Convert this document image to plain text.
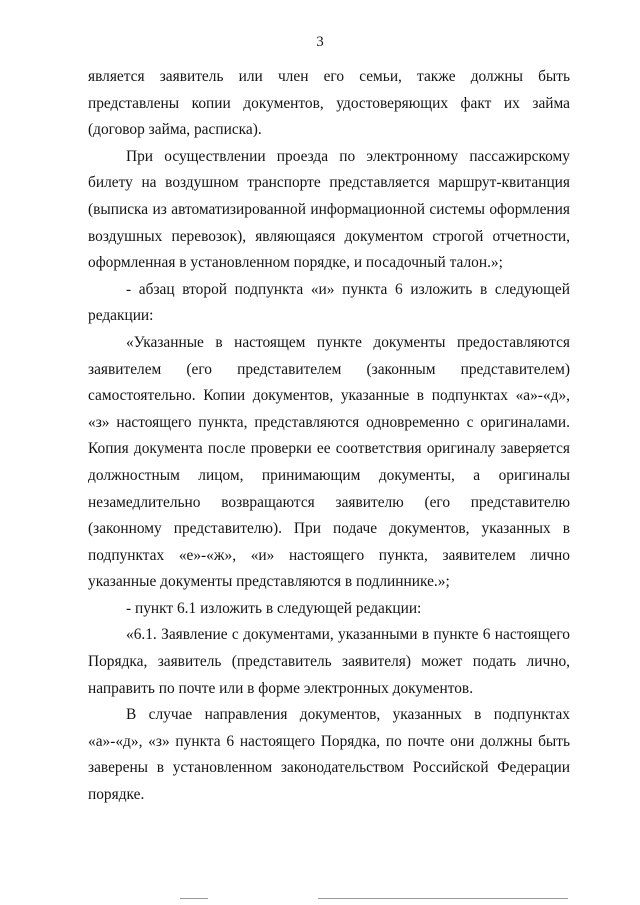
3

является заявитель или член его семьи, также должны быть представлены копии документов, удостоверяющих факт их займа (договор займа, расписка).

При осуществлении проезда по электронному пассажирскому билету на воздушном транспорте представляется маршрут-квитанция (выписка из автоматизированной информационной системы оформления воздушных перевозок), являющаяся документом строгой отчетности, оформленная в установленном порядке, и посадочный талон.»;

- абзац второй подпункта «и» пункта 6 изложить в следующей редакции:

«Указанные в настоящем пункте документы предоставляются заявителем (его представителем (законным представителем) самостоятельно. Копии документов, указанные в подпунктах «а»-«д», «з» настоящего пункта, представляются одновременно с оригиналами. Копия документа после проверки ее соответствия оригиналу заверяется должностным лицом, принимающим документы, а оригиналы незамедлительно возвращаются заявителю (его представителю (законному представителю). При подаче документов, указанных в подпунктах «е»-«ж», «и» настоящего пункта, заявителем лично указанные документы представляются в подлиннике.»;

- пункт 6.1 изложить в следующей редакции:

«6.1. Заявление с документами, указанными в пункте 6 настоящего Порядка, заявитель (представитель заявителя) может подать лично, направить по почте или в форме электронных документов.

В случае направления документов, указанных в подпунктах «а»-«д», «з» пункта 6 настоящего Порядка, по почте они должны быть заверены в установленном законодательством Российской Федерации порядке.
